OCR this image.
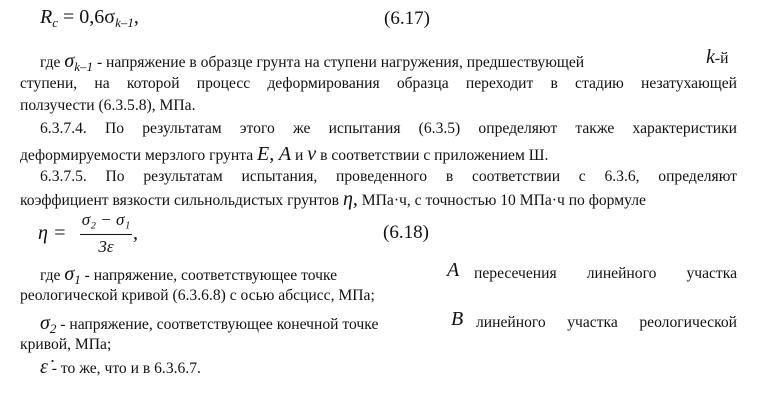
$R_c = 0,6\sigma_{k-1}$,	(6.17)
где $\sigma_{k-1}$ - напряжение в образце грунта на ступени нагружения, предшествующей	k-й
ступени, на которой процесс деформирования образца переходит в стадию незатухающей
ползучести (6.3.5.8), МПа.
6.3.7.4. По результатам этого же испытания (6.3.5) определяют также характеристики
деформируемости мерзлого грунта E, A и v в соответствии с приложением Ш.
6.3.7.5. По результатам испытания, проведенного в соответствии с 6.3.6, определяют
коэффициент вязкости сильнольдистых грунтов η, МПа·ч, с точностью 10 МПа·ч по формуле
η =
σ₂ − σ₁
3ε
,	(6.18)
где $\sigma_1$ - напряжение, соответствующее точке	A пересечения линейного участка
реологической кривой (6.3.6.8) с осью абсцисс, МПа;
$\sigma_2$ - напряжение, соответствующее конечной точке	B линейного участка реологической
кривой, МПа;
ε̇ - то же, что и в 6.3.6.7.
